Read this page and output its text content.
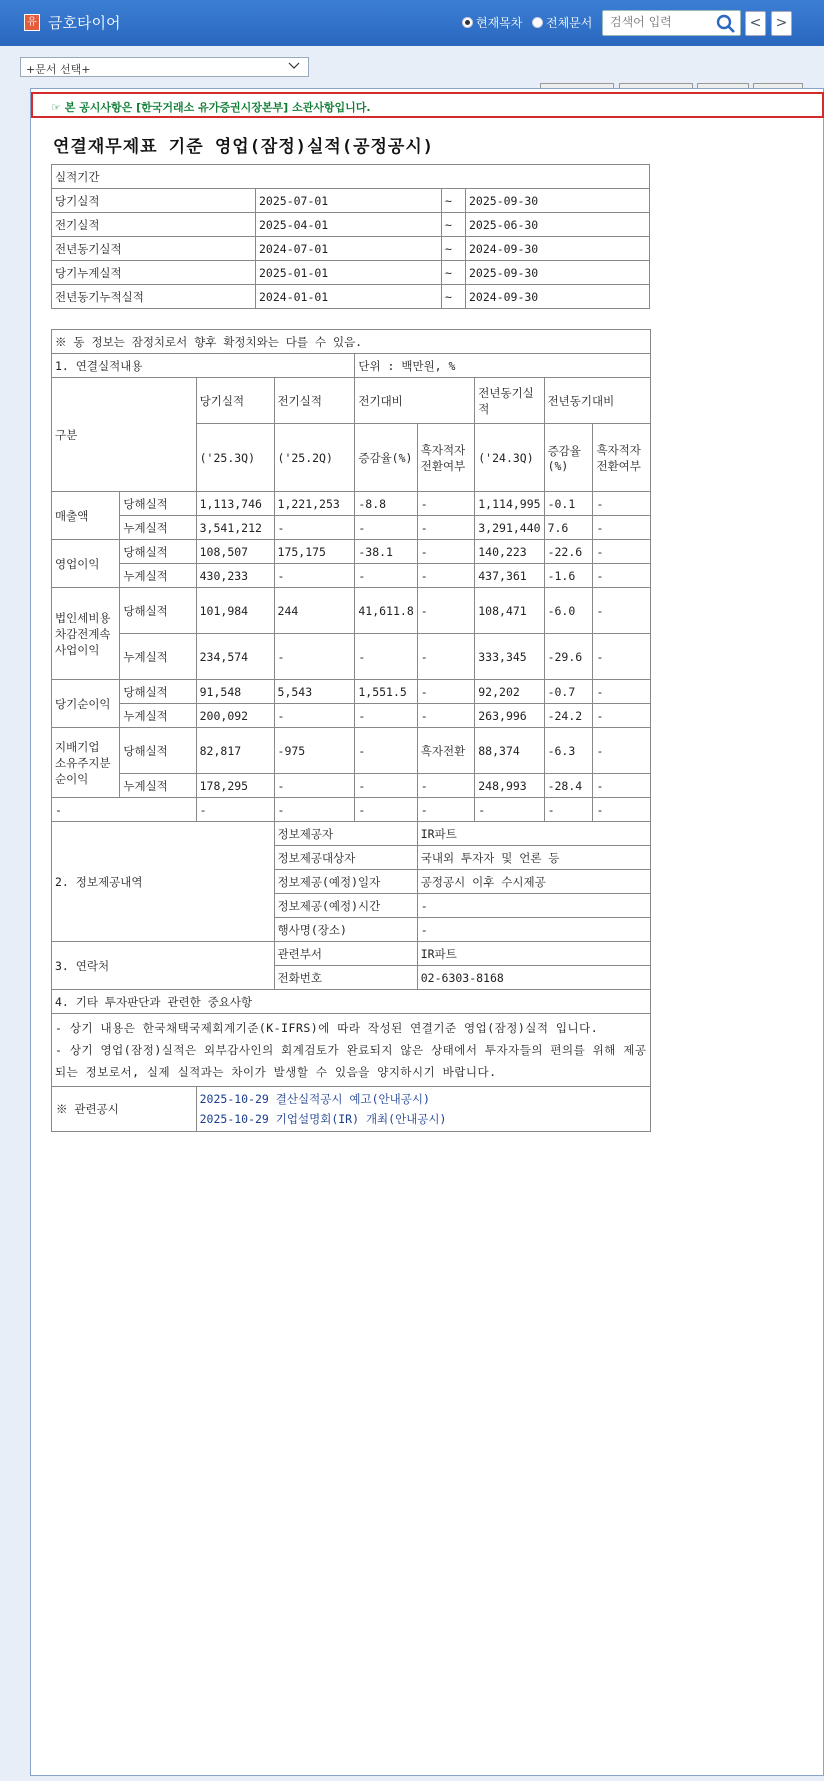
유 금호타이어	현재목차 전체문서
검색어 입력	<	>
+문서 선택+
☞ 본 공시사항은 [한국거래소 유가증권시장본부] 소관사항입니다.
연결재무제표 기준 영업(잠정)실적(공정공시)
실적기간			
당기실적	2025-07-01	~	2025-09-30
전기실적	2025-04-01	~	2025-06-30
전년동기실적	2024-07-01	~	2024-09-30
당기누계실적	2025-01-01	~	2025-09-30
전년동기누적실적	2024-01-01	~	2024-09-30
※ 동 정보는 잠정치로서 향후 확정치와는 다를 수 있음.								
1. 연결실적내용				단위 : 백만원, %				
구분		당기실적	전기실적	전기대비		전년동기실적	전년동기대비	
		('25.3Q)	('25.2Q)	증감율(%)	흑자적자전환여부	('24.3Q)	증감율(%)	흑자적자전환여부
매출액	당해실적	1,113,746	1,221,253	-8.8	-	1,114,995	-0.1	-
	누계실적	3,541,212	-	-	-	3,291,440	7.6	-
영업이익	당해실적	108,507	175,175	-38.1	-	140,223	-22.6	-
	누계실적	430,233	-	-	-	437,361	-1.6	-
법인세비용차감전계속사업이익	당해실적	101,984	244	41,611.8	-	108,471	-6.0	-
	누계실적	234,574	-	-	-	333,345	-29.6	-
당기순이익	당해실적	91,548	5,543	1,551.5	-	92,202	-0.7	-
	누계실적	200,092	-	-	-	263,996	-24.2	-
지배기업 소유주지분 순이익	당해실적	82,817	-975	-	흑자전환	88,374	-6.3	-
	누계실적	178,295	-	-	-	248,993	-28.4	-
-		-	-	-	-	-	-	-
2. 정보제공내역			정보제공자		IR파트			
			정보제공대상자		국내외 투자자 및 언론 등			
			정보제공(예정)일자		공정공시 이후 수시제공			
			정보제공(예정)시간		-			
			행사명(장소)		-			
3. 연락처			관련부서		IR파트			
			전화번호		02-6303-8168			
4. 기타 투자판단과 관련한 중요사항								

- 상기 내용은 한국채택국제회계기준(K-IFRS)에 따라 작성된 연결기준 영업(잠정)실적 입니다.
- 상기 영업(잠정)실적은 외부감사인의 회계검토가 완료되지 않은 상태에서 투자자들의 편의를 위해 제공되는 정보로서, 실제 실적과는 차이가 발생할 수 있음을 양지하시기 바랍니다.								

※ 관련공시		2025-10-29 결산실적공시 예고(안내공시)
2025-10-29 기업설명회(IR) 개최(안내공시)						
